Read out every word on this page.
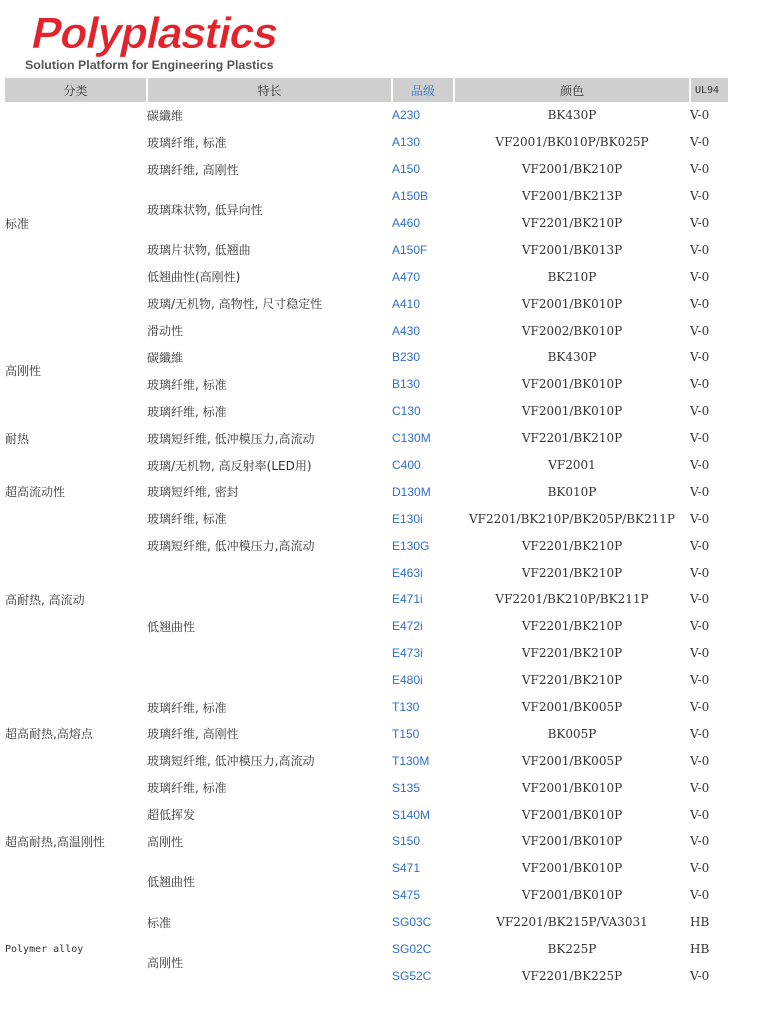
Polyplastics
Solution Platform for Engineering Plastics
分类	特长	品级	颜色	UL94
标准	碳纖维	A230	BK430P	V-0
	玻璃纤维, 标准	A130	VF2001/BK010P/BK025P	V-0
	玻璃纤维, 高刚性	A150	VF2001/BK210P	V-0
	玻璃珠状物, 低异向性	A150B	VF2001/BK213P	V-0
		A460	VF2201/BK210P	V-0
	玻璃片状物, 低翘曲	A150F	VF2001/BK013P	V-0
	低翘曲性(高刚性)	A470	BK210P	V-0
	玻璃/无机物, 高物性, 尺寸稳定性	A410	VF2001/BK010P	V-0
	滑动性	A430	VF2002/BK010P	V-0
高刚性	碳纖維	B230	BK430P	V-0
	玻璃纤维, 标准	B130	VF2001/BK010P	V-0
耐热	玻璃纤维, 标准	C130	VF2001/BK010P	V-0
	玻璃短纤维, 低冲模压力,高流动	C130M	VF2201/BK210P	V-0
	玻璃/无机物, 高反射率(LED用)	C400	VF2001	V-0
超高流动性	玻璃短纤维, 密封	D130M	BK010P	V-0
高耐热, 高流动	玻璃纤维, 标准	E130i	VF2201/BK210P/BK205P/BK211P	V-0
	玻璃短纤维, 低冲模压力,高流动	E130G	VF2201/BK210P	V-0
	低翘曲性	E463i	VF2201/BK210P	V-0
		E471i	VF2201/BK210P/BK211P	V-0
		E472i	VF2201/BK210P	V-0
		E473i	VF2201/BK210P	V-0
		E480i	VF2201/BK210P	V-0
超高耐热,高熔点	玻璃纤维, 标准	T130	VF2001/BK005P	V-0
	玻璃纤维, 高刚性	T150	BK005P	V-0
	玻璃短纤维, 低冲模压力,高流动	T130M	VF2001/BK005P	V-0
超高耐热,高温刚性	玻璃纤维, 标准	S135	VF2001/BK010P	V-0
	超低挥发	S140M	VF2001/BK010P	V-0
	高刚性	S150	VF2001/BK010P	V-0
	低翘曲性	S471	VF2001/BK010P	V-0
		S475	VF2001/BK010P	V-0
Polymer alloy	标准	SG03C	VF2201/BK215P/VA3031	HB
	高刚性	SG02C	BK225P	HB
		SG52C	VF2201/BK225P	V-0
